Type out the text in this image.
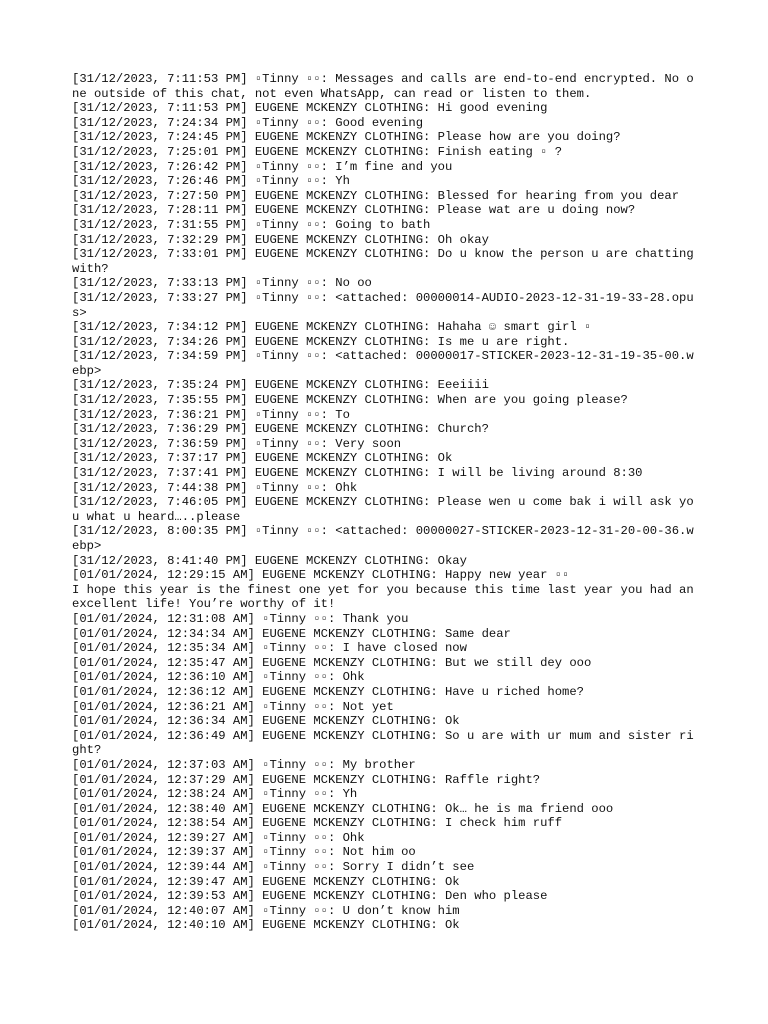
[31/12/2023, 7:11:53 PM] ▫Tinny ▫▫: Messages and calls are end-to-end encrypted. No one outside of this chat, not even WhatsApp, can read or listen to them.

[31/12/2023, 7:11:53 PM] EUGENE MCKENZY CLOTHING: Hi good evening

[31/12/2023, 7:24:34 PM] ▫Tinny ▫▫: Good evening

[31/12/2023, 7:24:45 PM] EUGENE MCKENZY CLOTHING: Please how are you doing?

[31/12/2023, 7:25:01 PM] EUGENE MCKENZY CLOTHING: Finish eating ▫ ?

[31/12/2023, 7:26:42 PM] ▫Tinny ▫▫: I’m fine and you

[31/12/2023, 7:26:46 PM] ▫Tinny ▫▫: Yh

[31/12/2023, 7:27:50 PM] EUGENE MCKENZY CLOTHING: Blessed for hearing from you dear

[31/12/2023, 7:28:11 PM] EUGENE MCKENZY CLOTHING: Please wat are u doing now?

[31/12/2023, 7:31:55 PM] ▫Tinny ▫▫: Going to bath

[31/12/2023, 7:32:29 PM] EUGENE MCKENZY CLOTHING: Oh okay

[31/12/2023, 7:33:01 PM] EUGENE MCKENZY CLOTHING: Do u know the person u are chatting with?

[31/12/2023, 7:33:13 PM] ▫Tinny ▫▫: No oo

[31/12/2023, 7:33:27 PM] ▫Tinny ▫▫: <attached: 00000014-AUDIO-2023-12-31-19-33-28.opus>

[31/12/2023, 7:34:12 PM] EUGENE MCKENZY CLOTHING: Hahaha ☺ smart girl ▫

[31/12/2023, 7:34:26 PM] EUGENE MCKENZY CLOTHING: Is me u are right.

[31/12/2023, 7:34:59 PM] ▫Tinny ▫▫: <attached: 00000017-STICKER-2023-12-31-19-35-00.webp>

[31/12/2023, 7:35:24 PM] EUGENE MCKENZY CLOTHING: Eeeiiii

[31/12/2023, 7:35:55 PM] EUGENE MCKENZY CLOTHING: When are you going please?

[31/12/2023, 7:36:21 PM] ▫Tinny ▫▫: To

[31/12/2023, 7:36:29 PM] EUGENE MCKENZY CLOTHING: Church?

[31/12/2023, 7:36:59 PM] ▫Tinny ▫▫: Very soon

[31/12/2023, 7:37:17 PM] EUGENE MCKENZY CLOTHING: Ok

[31/12/2023, 7:37:41 PM] EUGENE MCKENZY CLOTHING: I will be living around 8:30

[31/12/2023, 7:44:38 PM] ▫Tinny ▫▫: Ohk

[31/12/2023, 7:46:05 PM] EUGENE MCKENZY CLOTHING: Please wen u come bak i will ask you what u heard…..please

[31/12/2023, 8:00:35 PM] ▫Tinny ▫▫: <attached: 00000027-STICKER-2023-12-31-20-00-36.webp>

[31/12/2023, 8:41:40 PM] EUGENE MCKENZY CLOTHING: Okay

[01/01/2024, 12:29:15 AM] EUGENE MCKENZY CLOTHING: Happy new year ▫▫

I hope this year is the finest one yet for you because this time last year you had an excellent life! You’re worthy of it!

[01/01/2024, 12:31:08 AM] ▫Tinny ▫▫: Thank you

[01/01/2024, 12:34:34 AM] EUGENE MCKENZY CLOTHING: Same dear

[01/01/2024, 12:35:34 AM] ▫Tinny ▫▫: I have closed now

[01/01/2024, 12:35:47 AM] EUGENE MCKENZY CLOTHING: But we still dey ooo

[01/01/2024, 12:36:10 AM] ▫Tinny ▫▫: Ohk

[01/01/2024, 12:36:12 AM] EUGENE MCKENZY CLOTHING: Have u riched home?

[01/01/2024, 12:36:21 AM] ▫Tinny ▫▫: Not yet

[01/01/2024, 12:36:34 AM] EUGENE MCKENZY CLOTHING: Ok

[01/01/2024, 12:36:49 AM] EUGENE MCKENZY CLOTHING: So u are with ur mum and sister right?

[01/01/2024, 12:37:03 AM] ▫Tinny ▫▫: My brother

[01/01/2024, 12:37:29 AM] EUGENE MCKENZY CLOTHING: Raffle right?

[01/01/2024, 12:38:24 AM] ▫Tinny ▫▫: Yh

[01/01/2024, 12:38:40 AM] EUGENE MCKENZY CLOTHING: Ok… he is ma friend ooo

[01/01/2024, 12:38:54 AM] EUGENE MCKENZY CLOTHING: I check him ruff

[01/01/2024, 12:39:27 AM] ▫Tinny ▫▫: Ohk

[01/01/2024, 12:39:37 AM] ▫Tinny ▫▫: Not him oo

[01/01/2024, 12:39:44 AM] ▫Tinny ▫▫: Sorry I didn’t see

[01/01/2024, 12:39:47 AM] EUGENE MCKENZY CLOTHING: Ok

[01/01/2024, 12:39:53 AM] EUGENE MCKENZY CLOTHING: Den who please

[01/01/2024, 12:40:07 AM] ▫Tinny ▫▫: U don’t know him

[01/01/2024, 12:40:10 AM] EUGENE MCKENZY CLOTHING: Ok
